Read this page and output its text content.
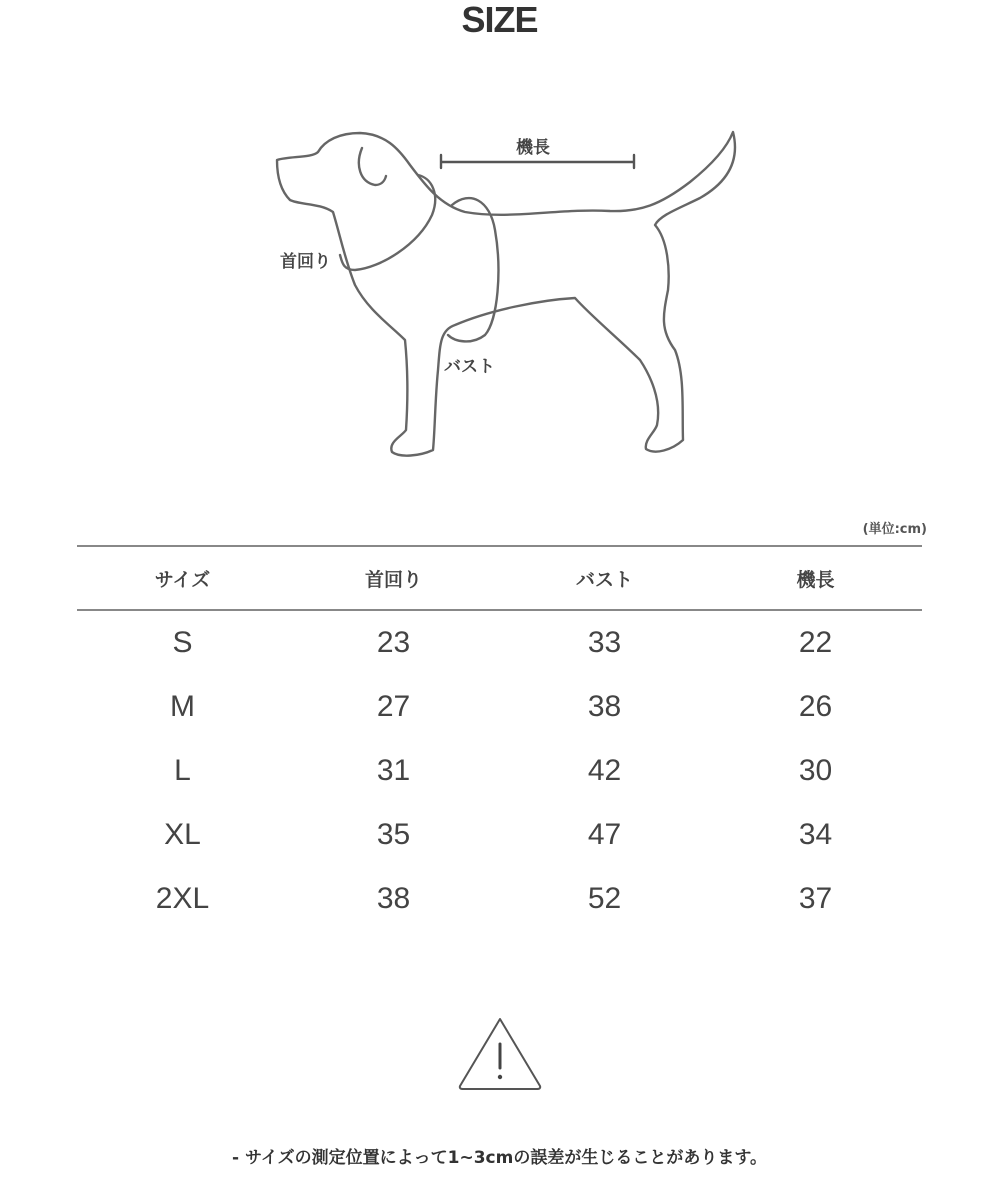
SIZE
機長
首回り
バスト
(単位:cm)
サイズ	首回り	バスト	機長
S	23	33	22
M	27	38	26
L	31	42	30
XL	35	47	34
2XL	38	52	37
- サイズの測定位置によって1~3cmの誤差が生じることがあります。
